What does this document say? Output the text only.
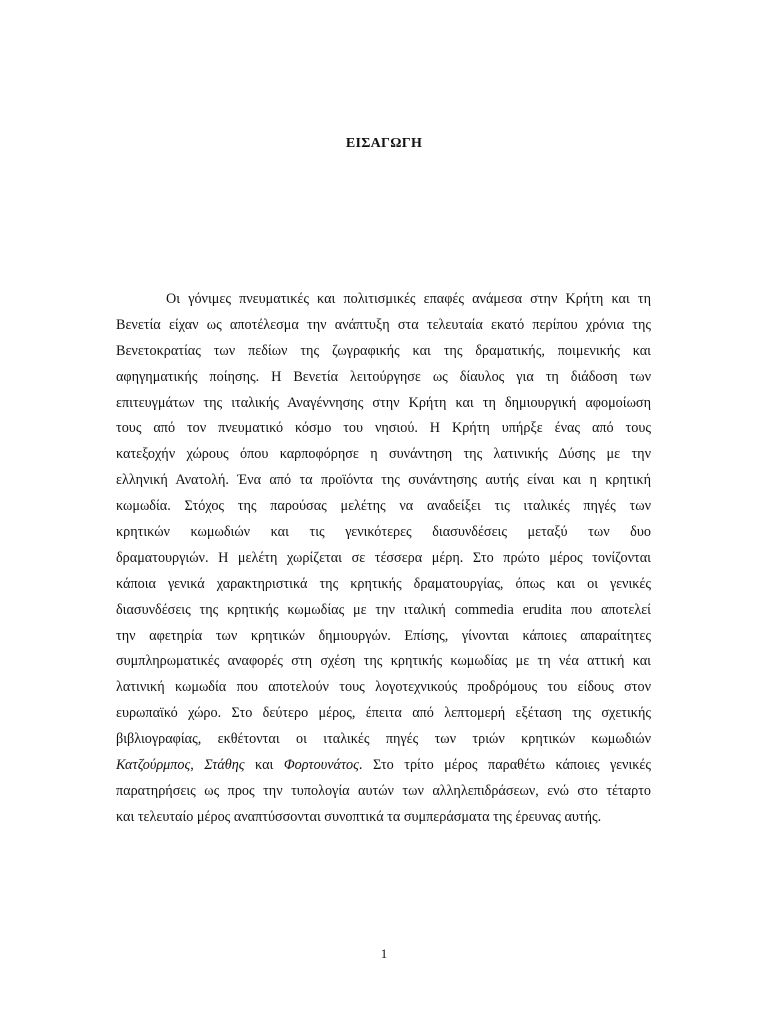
ΕΙΣΑΓΩΓΗ
Οι γόνιμες πνευματικές και πολιτισμικές επαφές ανάμεσα στην Κρήτη και τη
Βενετία είχαν ως αποτέλεσμα την ανάπτυξη στα τελευταία εκατό περίπου χρόνια της
Βενετοκρατίας των πεδίων της ζωγραφικής και της δραματικής, ποιμενικής και
αφηγηματικής ποίησης. Η Βενετία λειτούργησε ως δίαυλος για τη διάδοση των
επιτευγμάτων της ιταλικής Αναγέννησης στην Κρήτη και τη δημιουργική αφομοίωση
τους από τον πνευματικό κόσμο του νησιού. Η Κρήτη υπήρξε ένας από τους
κατεξοχήν χώρους όπου καρποφόρησε η συνάντηση της λατινικής Δύσης με την
ελληνική Ανατολή. Ένα από τα προϊόντα της συνάντησης αυτής είναι και η κρητική
κωμωδία. Στόχος της παρούσας μελέτης να αναδείξει τις ιταλικές πηγές των
κρητικών κωμωδιών και τις γενικότερες διασυνδέσεις μεταξύ των δυο
δραματουργιών. Η μελέτη χωρίζεται σε τέσσερα μέρη. Στο πρώτο μέρος τονίζονται
κάποια γενικά χαρακτηριστικά της κρητικής δραματουργίας, όπως και οι γενικές
διασυνδέσεις της κρητικής κωμωδίας με την ιταλική commedia erudita που αποτελεί
την αφετηρία των κρητικών δημιουργών. Επίσης, γίνονται κάποιες απαραίτητες
συμπληρωματικές αναφορές στη σχέση της κρητικής κωμωδίας με τη νέα αττική και
λατινική κωμωδία που αποτελούν τους λογοτεχνικούς προδρόμους του είδους στον
ευρωπαϊκό χώρο. Στο δεύτερο μέρος, έπειτα από λεπτομερή εξέταση της σχετικής
βιβλιογραφίας, εκθέτονται οι ιταλικές πηγές των τριών κρητικών κωμωδιών
Κατζούρμπος, Στάθης και Φορτουνάτος. Στο τρίτο μέρος παραθέτω κάποιες γενικές
παρατηρήσεις ως προς την τυπολογία αυτών των αλληλεπιδράσεων, ενώ στο τέταρτο
και τελευταίο μέρος αναπτύσσονται συνοπτικά τα συμπεράσματα της έρευνας αυτής.
1
